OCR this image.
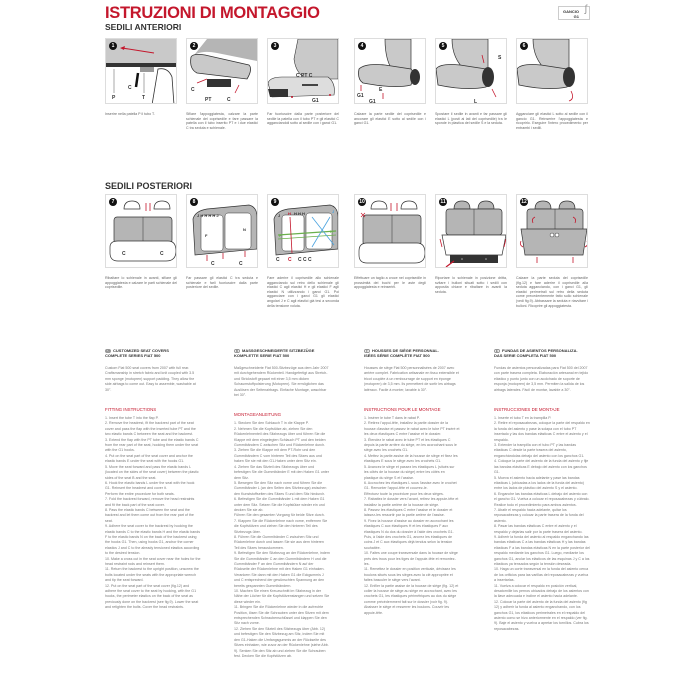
ISTRUZIONI DI MONTAGGIO
SEDILI ANTERIORI
GANCIO
G1
ʃ
1
P
C
T
Inserire nella patella P il tubo T.
2
C
PT	C
Sfilare l'appoggiatesta, calzare la parte schienale del coprisedile e fare passare la patella con il tubo inserito PT e i due elastici C tra seduta e schienale.
3
C PT C
G1
Far fuoriuscire dalla parte posteriore del sedile la patella con il tubo PT e gli elastici C agganciandoli sotto al sedile con i ganci G1.
4
E
G1
G1
Calzare la parte sedile del coprisedile e ancorare gli elastici E sotto al sedile con i ganci G1.
5
S
L
Spostare il sedile in avanti e far passare gli elastici L (posti ai lati del coprisedile) tra le sponde in plastica del sedile S e la seduta.
6
Agganciare gli elastici L sotto al sedile con il gancio G1. Reinserire l'appoggiatesta e ricoprirlo. Eseguire l'intero procedimento per entrambi i sedili.
SEDILI POSTERIORI
7
C	C
Ribaltare lo schienale in avanti, sfilare gli appoggiatesta e calzare le parti schienale del coprisedile.
8
J H H H H J
F
N
C	C
Far passare gli elastici C tra seduta e schienale e farli fuoriuscire dalla parte posteriore del sedile.
9
J H H H H	J
F
N
C C C C C
Fare aderire il coprisedile allo schienale agganciando sul retro dello schienale gli elastici C agli elastici H e gli elastici F agli elastici N utilizzando i ganci G1. Poi agganciare con i ganci G1 gli elastici angolari J e C agli elastici già tesi a seconda della tensione voluta.
10
Effettuare un taglio a croce nel coprisedile in prossimità dei buchi per le aste degli appoggiatesta e reinserirli.
11
Riportare lo schienale in posizione dritta, svitare i bulloni situati sotto i sedili con apposita chiave e ribaltare in avanti la seduta.
12
Calzare la parte seduta del coprisedile (fig.12) e fare aderire il coprisedile alla seduta agganciando, con i ganci G1, gli elastici perimetrali sul retro della seduta come precedentemente fatto sullo schienale (vedi fig.9). Abbassare la seduta e riavvitare i bulloni. Ricoprire gli appoggiatesta.
GB CUSTOMIZED SEAT COVERS
COMPLETE SERIES FIAT 500
Custom Fiat 500 seat covers from 2007 with full rear. Craftsmanship in stretch fabric and knit coupled with 3.5 mm sponge (motopren) support padding. They allow the side airbags to come out. Easy to assemble, washable at 30°.
FITTING INSTRUCTIONS

1. Insert the tube T into the flap P.

2. Remove the headrest, fit the backrest part of the seat cover and pass the flap with the inserted tube PT and the two elastic bands C between the seat and the backrest.

3. Extend the flap with the PT tube and the elastic bands C from the rear part of the seat, hooking them under the seat with the G1 hooks.

4. Put on the seat part of the seat cover and anchor the elastic bands E under the seat with the hooks G1.

5. Move the seat forward and pass the elastic bands L (located on the sides of the seat cover) between the plastic sides of the seat B and the seat.

6. Hook the elastic bands L under the seat with the hook G1. Reinsert the headrest and cover it.

Perform the entire procedure for both seats.

7. Fold the backrest forward, remove the head restraints and fit the back part of the seat cover.

8. Pass the elastic bands C between the seat and the backrest and let them come out from the rear part of the seat.

9. Adhere the seat cover to the backrest by hooking the elastic bands C to the elastic bands H and the elastic bands F to the elastic bands N on the back of the backrest using the hooks G1. Then, using hooks G1, anchor the corner elastics J and C to the already tensioned elastics according to the desired tension.

10. Make a cross cut in the seat cover near the holes for the head restraint rods and reinsert them.

11. Return the backrest to the upright position, unscrew the bolts located under the seats with the appropriate wrench and tip the seat forward.

12. Put on the seat part of the seat cover (fig.12) and adhere the seat cover to the seat by hooking, with the G1 hooks, the perimeter elastics on the back of the seat as previously done on the backrest (see fig.9). Lower the seat and retighten the bolts. Cover the head restraints.

D MASSGESCHNEIDERTE SITZBEZÜGE
KOMPLETTE SERIE FIAT 500
Maßgeschneiderte Fiat 500-Sitzbezüge aus dem Jahr 2007 mit durchgehendem Rückenteil. Handgefertigt aus Stretch- und Strickstoff gepaart mit einer 3,5 mm dicken Schaumstoffpolsterung (Motopren). Sie ermöglichen das Auslösen der Seitenairbags. Einfache Montage, waschbar bei 30°.
MONTAGEANLEITUNG

1. Stecken Sie den Schlauch T in die Klappe P.

2. Nehmen Sie die Kopfstütze ab, ziehen Sie den Rückenlehnenteil des Sitzbezugs über und führen Sie die Klappe mit dem eingelegten Schlauch PT und den beiden Gummibändern C zwischen Sitz und Rückenlehne durch.

3. Ziehen Sie die Klappe mit dem PT-Rohr und den Gummibändern C vom hinteren Teil des Sitzes aus und haken Sie sie mit den G1-Haken unter dem Sitz ein.

4. Ziehen Sie das Sitzteil des Sitzbezugs über und befestigen Sie die Gummibänder E mit den Haken G1 unter dem Sitz.

5. Bewegen Sie den Sitz nach vorne und führen Sie die Gummibänder L (an den Seiten des Sitzbezugs) zwischen den Kunststoffseiten des Sitzes S und dem Sitz hindurch.

6. Befestigen Sie die Gummibänder L mit dem Haken G1 unter dem Sitz. Setzen Sie die Kopfstütze wieder ein und decken Sie sie ab.

Führen Sie den gesamten Vorgang für beide Sitze durch.

7. Klappen Sie die Rückenlehne nach vorne, entfernen Sie die Kopfstützen und ziehen Sie den hinteren Teil des Sitzbezugs über.

8. Führen Sie die Gummibänder C zwischen Sitz und Rückenlehne durch und lassen Sie sie aus dem hinteren Teil des Sitzes herauskommen.

9. Befestigen Sie den Sitzbezug an der Rückenlehne, indem Sie die Gummibänder C an den Gummibändern H und die Gummibänder F an den Gummibändern N auf der Rückseite der Rückenlehne mit den Haken G1 einhaken. Verankern Sie dann mit den Haken G1 die Eckgummis J und C entsprechend der gewünschten Spannung an den bereits gespannten Gummibändern.

10. Machen Sie einen Kreuzschnitt im Sitzbezug in der Nähe der Löcher für die Kopfstützenstangen und setzen Sie diese wieder ein.

11. Bringen Sie die Rückenlehne wieder in die aufrechte Position, lösen Sie die Schrauben unter den Sitzen mit dem entsprechenden Schraubenschlüssel und klappen Sie den Sitz nach vorne.

12. Ziehen Sie den Sitzteil des Sitzbezugs über (Abb. 12) und befestigen Sie den Sitzbezug am Sitz, indem Sie mit den G1-Haken die Umfangsgummis an der Rückseite des Sitzes einhaken, wie zuvor an der Rückenlehne (siehe Abb. 9). Senken Sie den Sitz ab und ziehen Sie die Schrauben fest. Decken Sie die Kopfstützen ab.

F HOUSSES DE SIÈGE PERSONNAL.
ISÉES SÉRIE COMPLÈTE FIAT 500
Housses de siège Fiat 500 personnalisées de 2007 avec arrière complet. Fabrication artisanale en tissu extensible et tricot couplée à un rembourrage de support en éponge (motopren) de 3,5 mm. Ils permettent de sortir les airbags latéraux. Facile à monter, lavable à 30°.
INSTRUCTIONS POUR LE MONTAGE

1. Insérer le tube T dans le rabat P.

2. Retirez l'appui-tête, installez la partie dossier de la housse d'assise et passez le rabat avec le tube PT inséré et les deux élastiques C entre l'assise et le dossier.

3. Étendez le rabat avec le tube PT et les élastiques C depuis la partie arrière du siège, en les accrochant sous le siège avec les crochets G1.

4. Mettez la partie assise de la housse de siège et fixez les élastiques E sous le siège avec les crochets G1.

5. Avancez le siège et passez les élastiques L (situés sur les côtés de la housse du siège) entre les côtés en plastique du siège S et l'assise.

6. Accrochez les élastiques L sous l'assise avec le crochet G1. Remonter l'appui-tête et couvrez-le.

Effectuez toute la procédure pour les deux sièges.

7. Rabattez le dossier vers l'avant, retirez les appuie-tête et installez la partie arrière de la housse de siège.

8. Passez les élastiques C entre l'assise et le dossier et laissez-les ressortir par la partie arrière de l'assise.

9. Fixez la housse d'assise au dossier en accrochant les élastiques C aux élastiques H et les élastiques F aux élastiques N du dos du dossier à l'aide des crochets G1. Puis, à l'aide des crochets G1, ancrez les élastiques de coins J et C aux élastiques déjà tendus selon la tension souhaitée.

10. Faites une coupe transversale dans la housse de siège près des trous pour les tiges de l'appuie-tête et remontez-les.

11. Remettez le dossier en position verticale, dévissez les boulons situés sous les sièges avec la clé appropriée et faites basculer le siège vers l'avant.

12. Enfiler la partie assise de la housse de siège (fig. 12) et coller la housse de siège au siège en accrochant, avec les crochets G1, les élastiques périmétriques au dos du siège comme précédemment fait sur le dossier (voir fig. 9). Abaisser le siège et resserrer les boulons. Couvrir les appuie-tête.

E FUNDAS DE ASIENTOS PERSONALIZA.
DAS SERIE COMPLETA FIAT 500
Fundas de asientos personalizadas para Fiat 500 del 2007 con parte trasera completa. Elaboración artesanal en tejido elástico y punto junto con un acolchado de soporte de esponja (motopren) de 3,5 mm. Permiten la salida de los airbags laterales. Fácil de montar, lavable a 30°.
INSTRUCCIONES DE MONTAJE

1. Inserte el tubo T en la trampilla P.

2. Retire el reposacabezas, coloque la parte del respaldo en la funda del asiento y pase la solapa con el tubo PT insertado y las dos bandas elásticas C entre el asiento y el respaldo.

3. Extender la trampilla con el tubo PT y las bandas elásticas C desde la parte trasera del asiento, enganchándolas debajo del asiento con los ganchos G1.

4. Coloque la parte del asiento de la funda del asiento y fije las bandas elásticas E debajo del asiento con los ganchos G1.

5. Mueva el asiento hacia adelante y pase las bandas elásticas L (ubicadas a los lados de la funda del asiento) entre los lados de plástico del asiento S y el asiento.

6. Enganche las bandas elásticas L debajo del asiento con el gancho G1. Vuelva a colocar el reposacabezas y cúbralo.

Realice todo el procedimiento para ambos asientos.

7. Abatir el respaldo hacia adelante, quitar los reposacabezas y colocar la parte trasera de la funda del asiento.

8. Pasar las bandas elásticas C entre el asiento y el respaldo y dejarlas salir por la parte trasera del asiento.

9. Adherir la funda del asiento al respaldo enganchando las bandas elásticas C a las bandas elásticas H y las bandas elásticas F a las bandas elásticas N en la parte posterior del respaldo mediante los ganchos G1. Luego, mediante los ganchos G1, anclar los elásticos de las esquinas J y C a los elásticos ya tensados según la tensión deseada.

10. Haga un corte transversal en la funda del asiento cerca de los orificios para las varillas del reposacabezas y vuelva a insertarlas.

11. Vuelva a colocar el respaldo en posición vertical, desatornille los pernos ubicados debajo de los asientos con la llave adecuada e incline el asiento hacia adelante.

12. Colocar la parte del asiento de la funda del asiento (fig 12) y adherir la funda al asiento enganchando, con los ganchos G1, los elásticos perimetrales en el respaldo del asiento como se hizo anteriormente en el respaldo (ver fig. 9). Baje el asiento y vuelva a apretar los tornillos. Cubra los reposacabezas.
